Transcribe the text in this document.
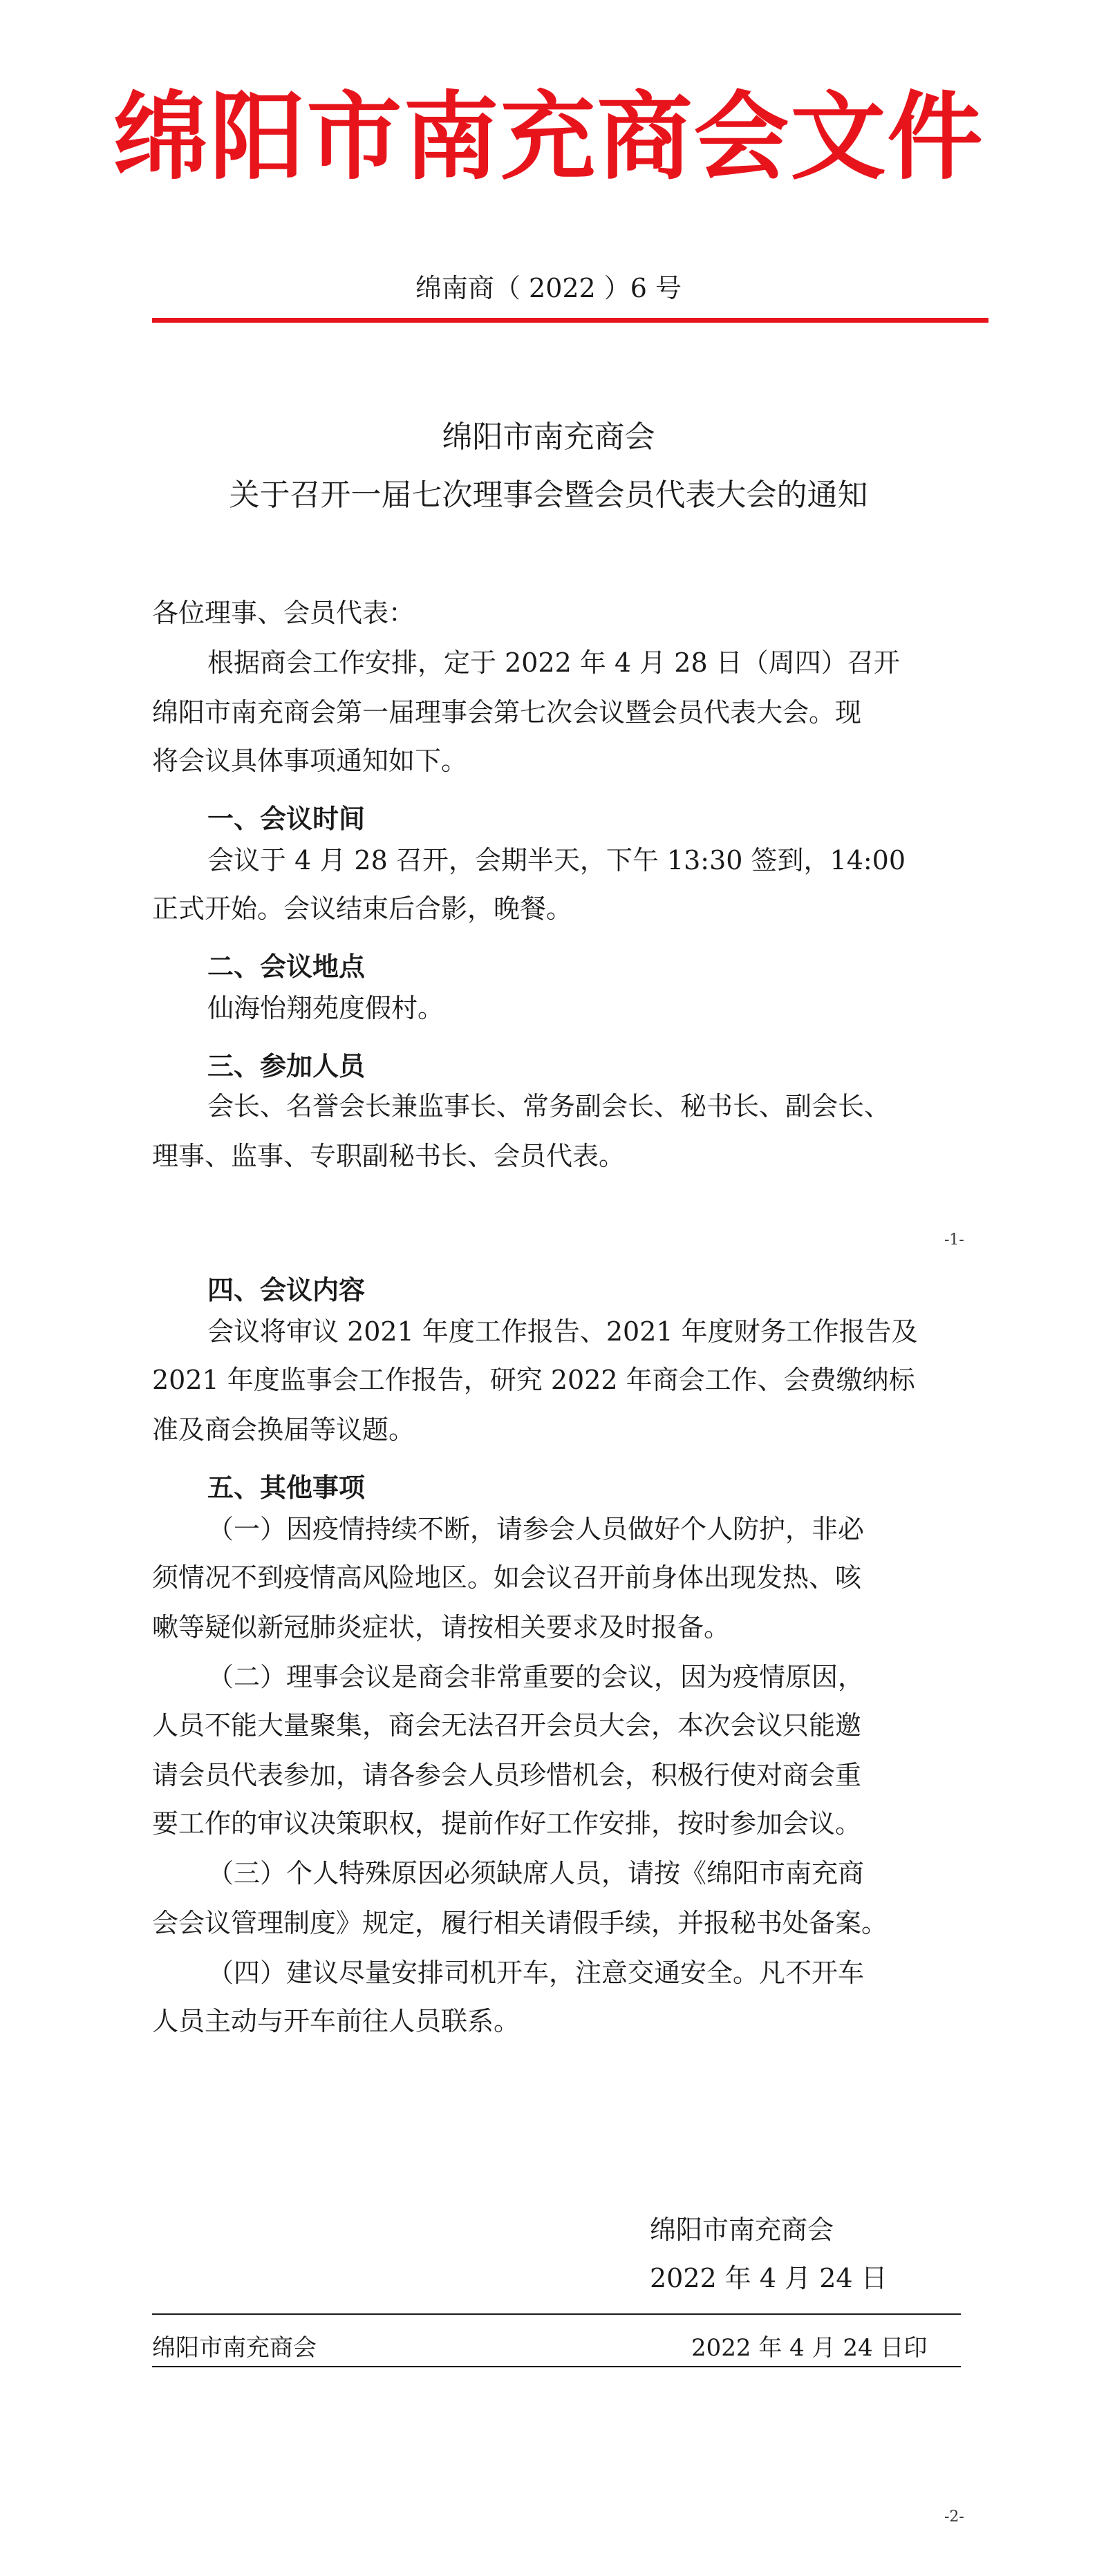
绵阳市南充商会文件
绵南商（ 2022 ）6 号
绵阳市南充商会
关于召开一届七次理事会暨会员代表大会的通知
各位理事、会员代表：
根据商会工作安排，定于 2022 年 4 月 28 日（周四）召开
绵阳市南充商会第一届理事会第七次会议暨会员代表大会。现
将会议具体事项通知如下。
一、会议时间
会议于 4 月 28 召开，会期半天，下午 13:30 签到，14:00
正式开始。会议结束后合影，晚餐。
二、会议地点
仙海怡翔苑度假村。
三、参加人员
会长、名誉会长兼监事长、常务副会长、秘书长、副会长、
理事、监事、专职副秘书长、会员代表。
-1-
四、会议内容
会议将审议 2021 年度工作报告、2021 年度财务工作报告及
2021 年度监事会工作报告，研究 2022 年商会工作、会费缴纳标
准及商会换届等议题。
五、其他事项
（一）因疫情持续不断，请参会人员做好个人防护，非必
须情况不到疫情高风险地区。如会议召开前身体出现发热、咳
嗽等疑似新冠肺炎症状，请按相关要求及时报备。
（二）理事会议是商会非常重要的会议，因为疫情原因，
人员不能大量聚集，商会无法召开会员大会，本次会议只能邀
请会员代表参加，请各参会人员珍惜机会，积极行使对商会重
要工作的审议决策职权，提前作好工作安排，按时参加会议。
（三）个人特殊原因必须缺席人员，请按《绵阳市南充商
会会议管理制度》规定，履行相关请假手续，并报秘书处备案。
（四）建议尽量安排司机开车，注意交通安全。凡不开车
人员主动与开车前往人员联系。
绵阳市南充商会
2022 年 4 月 24 日
绵阳市南充商会	2022 年 4 月 24 日印
-2-
